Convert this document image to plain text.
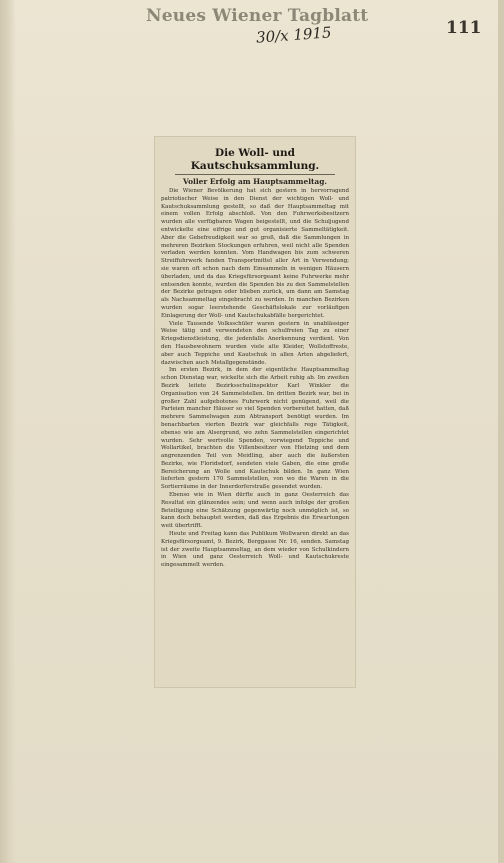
Neues Wiener Tagblatt
111
30/x 1915
Die Woll- und Kautschuksammlung.
Voller Erfolg am Hauptsammeltag.
Die Wiener Bevölkerung hat sich gestern in hervorragend patriotischer Weise in den Dienst der wichtigen Woll- und Kautschuksammlung gestellt, so daß der Hauptsammeltag mit einem vollen Erfolg abschloß. Von den Fuhrwerksbesitzern wurden alle verfügbaren Wagen beigestellt, und die Schuljugend entwickelte eine eifrige und gut organisierte Sammeltätigkeit. Aber die Gebefreudigkeit war so groß, daß die Sammlungen in mehreren Bezirken Stockungen erfuhren, weil nicht alle Spenden verladen werden konnten. Vom Handwagen bis zum schweren Streiffuhrwerk fanden Transportmittel aller Art in Verwendung; sie waren oft schon nach dem Einsammeln in wenigen Häusern überladen, und da das Kriegsfürsorgeamt keine Fuhrwerke mehr entsenden konnte, wurden die Spenden bis zu den Sammelstellen der Bezirke getragen oder blieben zurück, um dann am Samstag als Nachsammeltag eingebracht zu werden. In manchen Bezirken wurden sogar leerstehende Geschäftslokale zur vorläufigen Einlagerung der Woll- und Kautschukabfälle hergerichtet.
Viele Tausende Volksschüler waren gestern in unablässiger Weise tätig und verwendeten den schulfreien Tag zu einer Kriegsdienstleistung, die jedenfalls Anerkennung verdient. Von den Hausbewohnern wurden viele alte Kleider, Wollstoffreste, aber auch Teppiche und Kautschuk in allen Arten abgeliefert, dazwischen auch Metallgegenstände.
Im ersten Bezirk, in dem der eigentliche Hauptsammeltag schon Dienstag war, wickelte sich die Arbeit ruhig ab. Im zweiten Bezirk leitete Bezirksschulinspektor Karl Winkler die Organisation von 24 Sammelstellen. Im dritten Bezirk war, bei in großer Zahl aufgebotenes Fuhrwerk nicht genügend, weil die Parteien mancher Häuser so viel Spenden vorbereitet hatten, daß mehrere Sammelwagen zum Abtransport benötigt wurden. Im benachbarten vierten Bezirk war gleichfalls rege Tätigkeit, ebenso wie am Alsergrund, wo zehn Sammelstellen eingerichtet wurden. Sehr wertvolle Spenden, vorwiegend Teppiche und Wollartikel, brachten die Villenbesitzer von Hietzing und dem angrenzenden Teil von Meidling, aber auch die äußersten Bezirke, wie Floridsdorf, sendeten viele Gaben, die eine große Bereicherung an Wolle und Kautschuk bilden. In ganz Wien lieferten gestern 170 Sammelstellen, von wo die Waren in die Sortierräume in der Innerdorferstraße gesendet wurden.
Ebenso wie in Wien dürfte auch in ganz Oesterreich das Resultat ein glänzendes sein; und wenn auch infolge der großen Beteiligung eine Schätzung gegenwärtig noch unmöglich ist, so kann doch behauptet werden, daß das Ergebnis die Erwartungen weit übertrifft.
Heute und Freitag kann das Publikum Wollwaren direkt an das Kriegsfürsorgeamt, 9. Bezirk, Berggasse Nr. 16, senden. Samstag ist der zweite Hauptsammeltag, an dem wieder von Schulkindern in Wien und ganz Oesterreich Woll- und Kautschukreste eingesammelt werden.
